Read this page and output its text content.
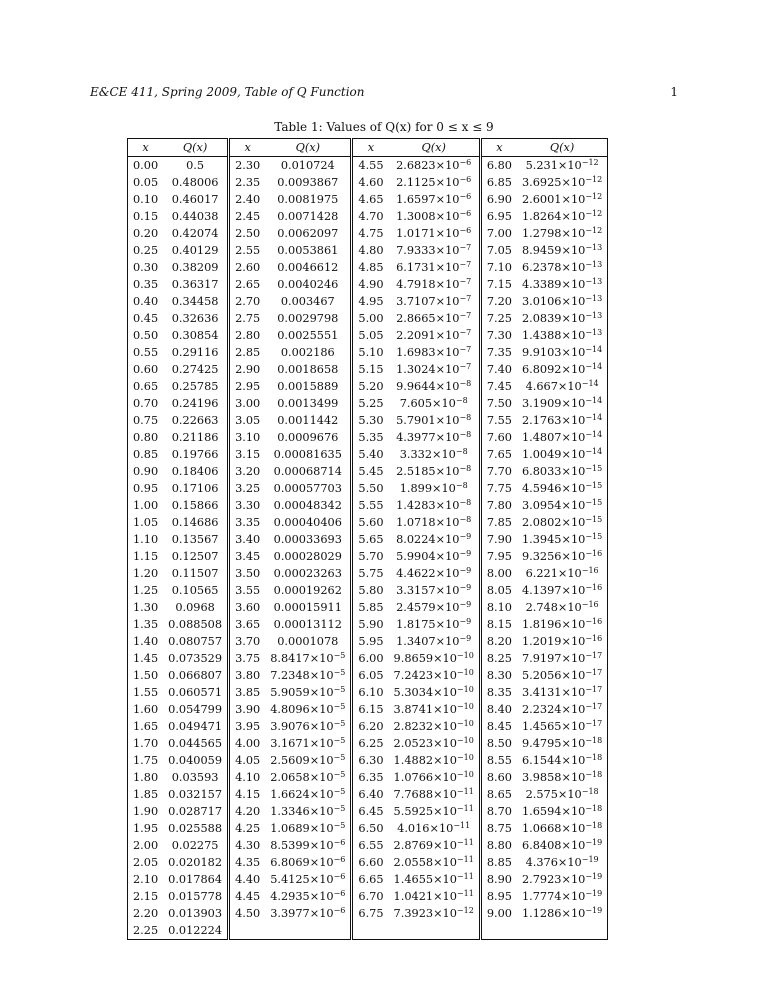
E&CE 411, Spring 2009, Table of Q Function	1
Table 1: Values of Q(x) for 0 ≤ x ≤ 9
x	Q(x)	x	Q(x)	x	Q(x)	x	Q(x)
0.00	0.5	2.30	0.010724	4.55	$2.6823\times 10^{-6}$	6.80	$5.231\times 10^{-12}$
0.05	0.48006	2.35	0.0093867	4.60	$2.1125\times 10^{-6}$	6.85	$3.6925\times 10^{-12}$
0.10	0.46017	2.40	0.0081975	4.65	$1.6597\times 10^{-6}$	6.90	$2.6001\times 10^{-12}$
0.15	0.44038	2.45	0.0071428	4.70	$1.3008\times 10^{-6}$	6.95	$1.8264\times 10^{-12}$
0.20	0.42074	2.50	0.0062097	4.75	$1.0171\times 10^{-6}$	7.00	$1.2798\times 10^{-12}$
0.25	0.40129	2.55	0.0053861	4.80	$7.9333\times 10^{-7}$	7.05	$8.9459\times 10^{-13}$
0.30	0.38209	2.60	0.0046612	4.85	$6.1731\times 10^{-7}$	7.10	$6.2378\times 10^{-13}$
0.35	0.36317	2.65	0.0040246	4.90	$4.7918\times 10^{-7}$	7.15	$4.3389\times 10^{-13}$
0.40	0.34458	2.70	0.003467	4.95	$3.7107\times 10^{-7}$	7.20	$3.0106\times 10^{-13}$
0.45	0.32636	2.75	0.0029798	5.00	$2.8665\times 10^{-7}$	7.25	$2.0839\times 10^{-13}$
0.50	0.30854	2.80	0.0025551	5.05	$2.2091\times 10^{-7}$	7.30	$1.4388\times 10^{-13}$
0.55	0.29116	2.85	0.002186	5.10	$1.6983\times 10^{-7}$	7.35	$9.9103\times 10^{-14}$
0.60	0.27425	2.90	0.0018658	5.15	$1.3024\times 10^{-7}$	7.40	$6.8092\times 10^{-14}$
0.65	0.25785	2.95	0.0015889	5.20	$9.9644\times 10^{-8}$	7.45	$4.667\times 10^{-14}$
0.70	0.24196	3.00	0.0013499	5.25	$7.605\times 10^{-8}$	7.50	$3.1909\times 10^{-14}$
0.75	0.22663	3.05	0.0011442	5.30	$5.7901\times 10^{-8}$	7.55	$2.1763\times 10^{-14}$
0.80	0.21186	3.10	0.0009676	5.35	$4.3977\times 10^{-8}$	7.60	$1.4807\times 10^{-14}$
0.85	0.19766	3.15	0.00081635	5.40	$3.332\times 10^{-8}$	7.65	$1.0049\times 10^{-14}$
0.90	0.18406	3.20	0.00068714	5.45	$2.5185\times 10^{-8}$	7.70	$6.8033\times 10^{-15}$
0.95	0.17106	3.25	0.00057703	5.50	$1.899\times 10^{-8}$	7.75	$4.5946\times 10^{-15}$
1.00	0.15866	3.30	0.00048342	5.55	$1.4283\times 10^{-8}$	7.80	$3.0954\times 10^{-15}$
1.05	0.14686	3.35	0.00040406	5.60	$1.0718\times 10^{-8}$	7.85	$2.0802\times 10^{-15}$
1.10	0.13567	3.40	0.00033693	5.65	$8.0224\times 10^{-9}$	7.90	$1.3945\times 10^{-15}$
1.15	0.12507	3.45	0.00028029	5.70	$5.9904\times 10^{-9}$	7.95	$9.3256\times 10^{-16}$
1.20	0.11507	3.50	0.00023263	5.75	$4.4622\times 10^{-9}$	8.00	$6.221\times 10^{-16}$
1.25	0.10565	3.55	0.00019262	5.80	$3.3157\times 10^{-9}$	8.05	$4.1397\times 10^{-16}$
1.30	0.0968	3.60	0.00015911	5.85	$2.4579\times 10^{-9}$	8.10	$2.748\times 10^{-16}$
1.35	0.088508	3.65	0.00013112	5.90	$1.8175\times 10^{-9}$	8.15	$1.8196\times 10^{-16}$
1.40	0.080757	3.70	0.0001078	5.95	$1.3407\times 10^{-9}$	8.20	$1.2019\times 10^{-16}$
1.45	0.073529	3.75	$8.8417\times 10^{-5}$	6.00	$9.8659\times 10^{-10}$	8.25	$7.9197\times 10^{-17}$
1.50	0.066807	3.80	$7.2348\times 10^{-5}$	6.05	$7.2423\times 10^{-10}$	8.30	$5.2056\times 10^{-17}$
1.55	0.060571	3.85	$5.9059\times 10^{-5}$	6.10	$5.3034\times 10^{-10}$	8.35	$3.4131\times 10^{-17}$
1.60	0.054799	3.90	$4.8096\times 10^{-5}$	6.15	$3.8741\times 10^{-10}$	8.40	$2.2324\times 10^{-17}$
1.65	0.049471	3.95	$3.9076\times 10^{-5}$	6.20	$2.8232\times 10^{-10}$	8.45	$1.4565\times 10^{-17}$
1.70	0.044565	4.00	$3.1671\times 10^{-5}$	6.25	$2.0523\times 10^{-10}$	8.50	$9.4795\times 10^{-18}$
1.75	0.040059	4.05	$2.5609\times 10^{-5}$	6.30	$1.4882\times 10^{-10}$	8.55	$6.1544\times 10^{-18}$
1.80	0.03593	4.10	$2.0658\times 10^{-5}$	6.35	$1.0766\times 10^{-10}$	8.60	$3.9858\times 10^{-18}$
1.85	0.032157	4.15	$1.6624\times 10^{-5}$	6.40	$7.7688\times 10^{-11}$	8.65	$2.575\times 10^{-18}$
1.90	0.028717	4.20	$1.3346\times 10^{-5}$	6.45	$5.5925\times 10^{-11}$	8.70	$1.6594\times 10^{-18}$
1.95	0.025588	4.25	$1.0689\times 10^{-5}$	6.50	$4.016\times 10^{-11}$	8.75	$1.0668\times 10^{-18}$
2.00	0.02275	4.30	$8.5399\times 10^{-6}$	6.55	$2.8769\times 10^{-11}$	8.80	$6.8408\times 10^{-19}$
2.05	0.020182	4.35	$6.8069\times 10^{-6}$	6.60	$2.0558\times 10^{-11}$	8.85	$4.376\times 10^{-19}$
2.10	0.017864	4.40	$5.4125\times 10^{-6}$	6.65	$1.4655\times 10^{-11}$	8.90	$2.7923\times 10^{-19}$
2.15	0.015778	4.45	$4.2935\times 10^{-6}$	6.70	$1.0421\times 10^{-11}$	8.95	$1.7774\times 10^{-19}$
2.20	0.013903	4.50	$3.3977\times 10^{-6}$	6.75	$7.3923\times 10^{-12}$	9.00	$1.1286\times 10^{-19}$
2.25	0.012224						
